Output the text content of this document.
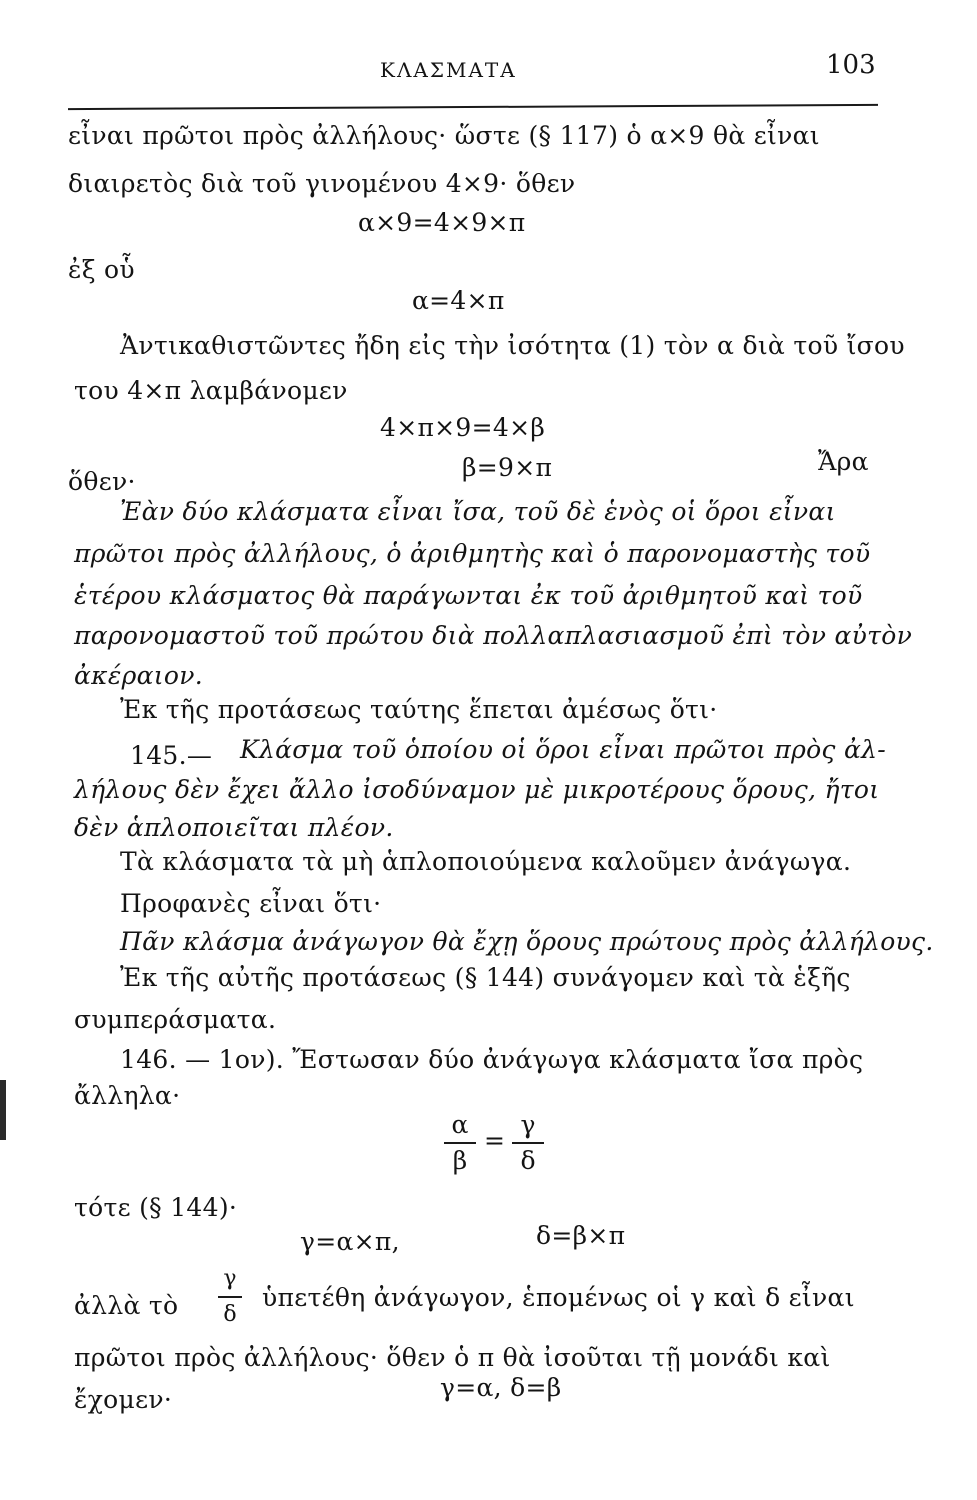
ΚΛΑΣΜΑΤΑ	103
εἶναι πρῶτοι πρὸς ἀλλήλους· ὥστε (§ 117) ὁ α×9 θὰ εἶναι
διαιρετὸς διὰ τοῦ γινομένου 4×9· ὅθεν
α×9=4×9×π
ἐξ οὗ
α=4×π
Ἀντικαθιστῶντες ἤδη εἰς τὴν ἰσότητα (1) τὸν α διὰ τοῦ ἴσου
του 4×π λαμβάνομεν
4×π×9=4×β
ὅθεν·	β=9×π	Ἄρα
Ἐὰν δύο κλάσματα εἶναι ἴσα, τοῦ δὲ ἑνὸς οἱ ὅροι εἶναι
πρῶτοι πρὸς ἀλλήλους, ὁ ἀριθμητὴς καὶ ὁ παρονομαστὴς τοῦ
ἑτέρου κλάσματος θὰ παράγωνται ἐκ τοῦ ἀριθμητοῦ καὶ τοῦ
παρονομαστοῦ τοῦ πρώτου διὰ πολλαπλασιασμοῦ ἐπὶ τὸν αὐτὸν
ἀκέραιον.
Ἐκ τῆς προτάσεως ταύτης ἕπεται ἀμέσως ὅτι·
145.— Κλάσμα τοῦ ὁποίου οἱ ὅροι εἶναι πρῶτοι πρὸς ἀλ-
λήλους δὲν ἔχει ἄλλο ἰσοδύναμον μὲ μικροτέρους ὅρους, ἤτοι
δὲν ἁπλοποιεῖται πλέον.
Τὰ κλάσματα τὰ μὴ ἁπλοποιούμενα καλοῦμεν ἀνάγωγα.
Προφανὲς εἶναι ὅτι·
Πᾶν κλάσμα ἀνάγωγον θὰ ἔχῃ ὅρους πρώτους πρὸς ἀλλήλους.
Ἐκ τῆς αὐτῆς προτάσεως (§ 144) συνάγομεν καὶ τὰ ἑξῆς
συμπεράσματα.
146. — 1ον). Ἔστωσαν δύο ἀνάγωγα κλάσματα ἴσα πρὸς
ἄλληλα·
α
β
=
γ
δ
τότε (§ 144)·
γ=α×π,	δ=β×π
ἀλλὰ τὸ
γ
δ
ὑπετέθη ἀνάγωγον, ἑπομένως οἱ γ καὶ δ εἶναι
πρῶτοι πρὸς ἀλλήλους· ὅθεν ὁ π θὰ ἰσοῦται τῇ μονάδι καὶ
ἔχομεν·	γ=α, δ=β
